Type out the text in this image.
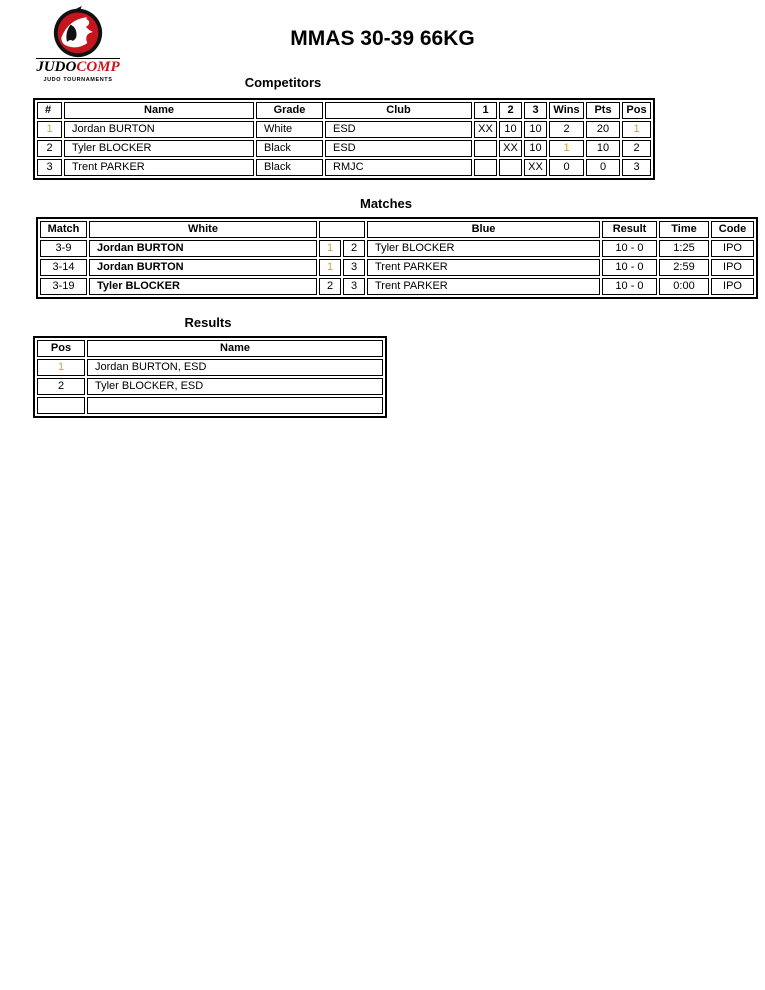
JUDOCOMP
JUDO TOURNAMENTS
MMAS 30-39 66KG
Competitors
#	Name	Grade	Club	1	2	3	Wins	Pts	Pos
1	Jordan BURTON	White	ESD	XX	10	10	2	20	1
2	Tyler BLOCKER	Black	ESD		XX	10	1	10	2
3	Trent PARKER	Black	RMJC			XX	0	0	3
Matches
Match	White			Blue	Result	Time	Code
3-9	Jordan BURTON	1	2	Tyler BLOCKER	10 - 0	1:25	IPO
3-14	Jordan BURTON	1	3	Trent PARKER	10 - 0	2:59	IPO
3-19	Tyler BLOCKER	2	3	Trent PARKER	10 - 0	0:00	IPO
Results
Pos	Name
1	Jordan BURTON, ESD
2	Tyler BLOCKER, ESD
